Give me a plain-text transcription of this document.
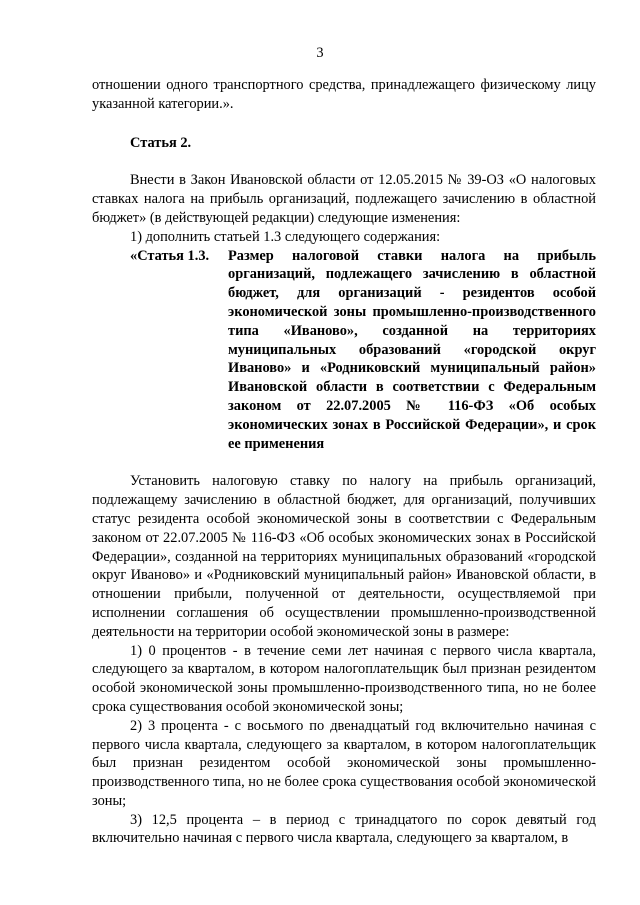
3

отношении одного транспортного средства, принадлежащего физическому лицу указанной категории.».

Статья 2.

Внести в Закон Ивановской области от 12.05.2015 № 39-ОЗ «О налоговых ставках налога на прибыль организаций, подлежащего зачислению в областной бюджет» (в действующей редакции) следующие изменения:

1) дополнить статьей 1.3 следующего содержания:

«Статья 1.3.	Размер налоговой ставки налога на прибыль организаций, подлежащего зачислению в областной бюджет, для организаций - резидентов особой экономической зоны промышленно-производственного типа «Иваново», созданной на территориях муниципальных образований «городской округ Иваново» и «Родниковский муниципальный район» Ивановской области в соответствии с Федеральным законом от 22.07.2005 № 116-ФЗ «Об особых экономических зонах в Российской Федерации», и срок ее применения

Установить налоговую ставку по налогу на прибыль организаций, подлежащему зачислению в областной бюджет, для организаций, получивших статус резидента особой экономической зоны в соответствии с Федеральным законом от 22.07.2005 № 116-ФЗ «Об особых экономических зонах в Российской Федерации», созданной на территориях муниципальных образований «городской округ Иваново» и «Родниковский муниципальный район» Ивановской области, в отношении прибыли, полученной от деятельности, осуществляемой при исполнении соглашения об осуществлении промышленно-производственной деятельности на территории особой экономической зоны в размере:

1) 0 процентов - в течение семи лет начиная с первого числа квартала, следующего за кварталом, в котором налогоплательщик был признан резидентом особой экономической зоны промышленно-производственного типа, но не более срока существования особой экономической зоны;

2) 3 процента - с восьмого по двенадцатый год включительно начиная с первого числа квартала, следующего за кварталом, в котором налогоплательщик был признан резидентом особой экономической зоны промышленно-производственного типа, но не более срока существования особой экономической зоны;

3) 12,5 процента – в период с тринадцатого по сорок девятый год включительно начиная с первого числа квартала, следующего за кварталом, в
